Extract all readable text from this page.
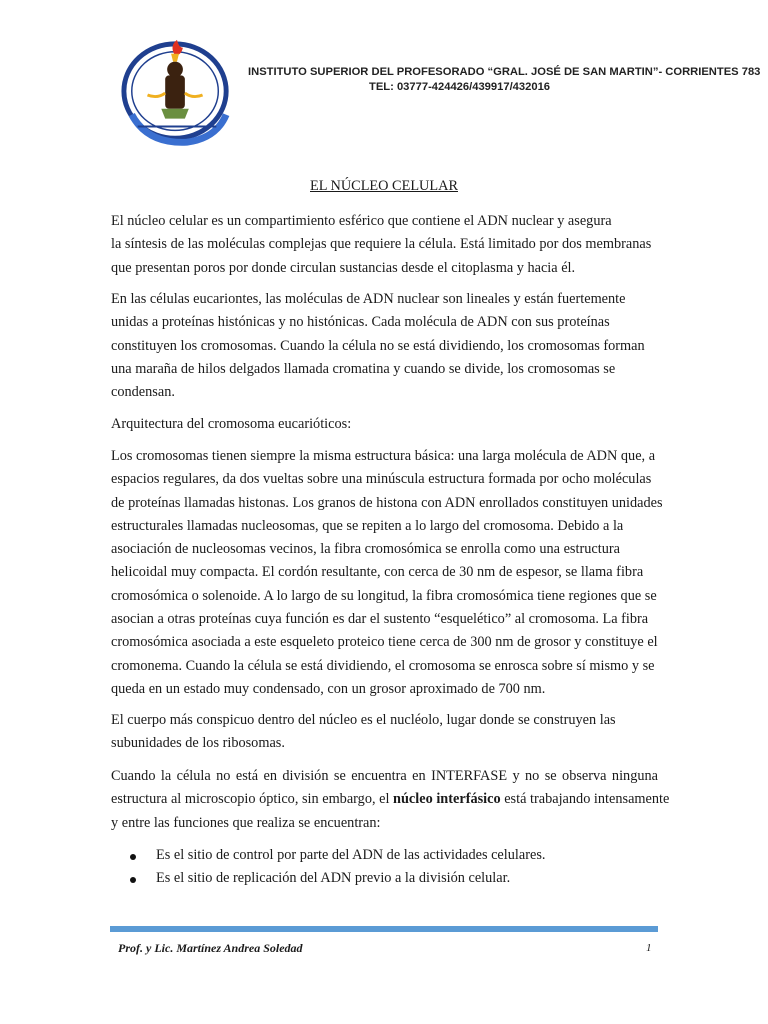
INSTITUTO SUPERIOR DEL PROFESORADO “GRAL. JOSÉ DE SAN MARTIN”- CORRIENTES 783
TEL: 03777-424426/439917/432016
EL NÚCLEO CELULAR
El núcleo celular es un compartimiento esférico que contiene el ADN nuclear y asegura
la síntesis de las moléculas complejas que requiere la célula. Está limitado por dos membranas
que presentan poros por donde circulan sustancias desde el citoplasma y hacia él.
En las células eucariontes, las moléculas de ADN nuclear son lineales y están fuertemente
unidas a proteínas histónicas y no histónicas. Cada molécula de ADN con sus proteínas
constituyen los cromosomas. Cuando la célula no se está dividiendo, los cromosomas forman
una maraña de hilos delgados llamada cromatina y cuando se divide, los cromosomas se
condensan.
Arquitectura del cromosoma eucarióticos:
Los cromosomas tienen siempre la misma estructura básica: una larga molécula de ADN que, a
espacios regulares, da dos vueltas sobre una minúscula estructura formada por ocho moléculas
de proteínas llamadas histonas. Los granos de histona con ADN enrollados constituyen unidades
estructurales llamadas nucleosomas, que se repiten a lo largo del cromosoma. Debido a la
asociación de nucleosomas vecinos, la fibra cromosómica se enrolla como una estructura
helicoidal muy compacta. El cordón resultante, con cerca de 30 nm de espesor, se llama fibra
cromosómica o solenoide. A lo largo de su longitud, la fibra cromosómica tiene regiones que se
asocian a otras proteínas cuya función es dar el sustento “esquelético” al cromosoma. La fibra
cromosómica asociada a este esqueleto proteico tiene cerca de 300 nm de grosor y constituye el
cromonema. Cuando la célula se está dividiendo, el cromosoma se enrosca sobre sí mismo y se
queda en un estado muy condensado, con un grosor aproximado de 700 nm.
El cuerpo más conspicuo dentro del núcleo es el nucléolo, lugar donde se construyen las
subunidades de los ribosomas.
Cuando la célula no está en división se encuentra en INTERFASE y no se observa ninguna
estructura al microscopio óptico, sin embargo, el núcleo interfásico está trabajando intensamente
y entre las funciones que realiza se encuentran:
Es el sitio de control por parte del ADN de las actividades celulares.
Es el sitio de replicación del ADN previo a la división celular.
Prof. y Lic. Martínez Andrea Soledad	1
